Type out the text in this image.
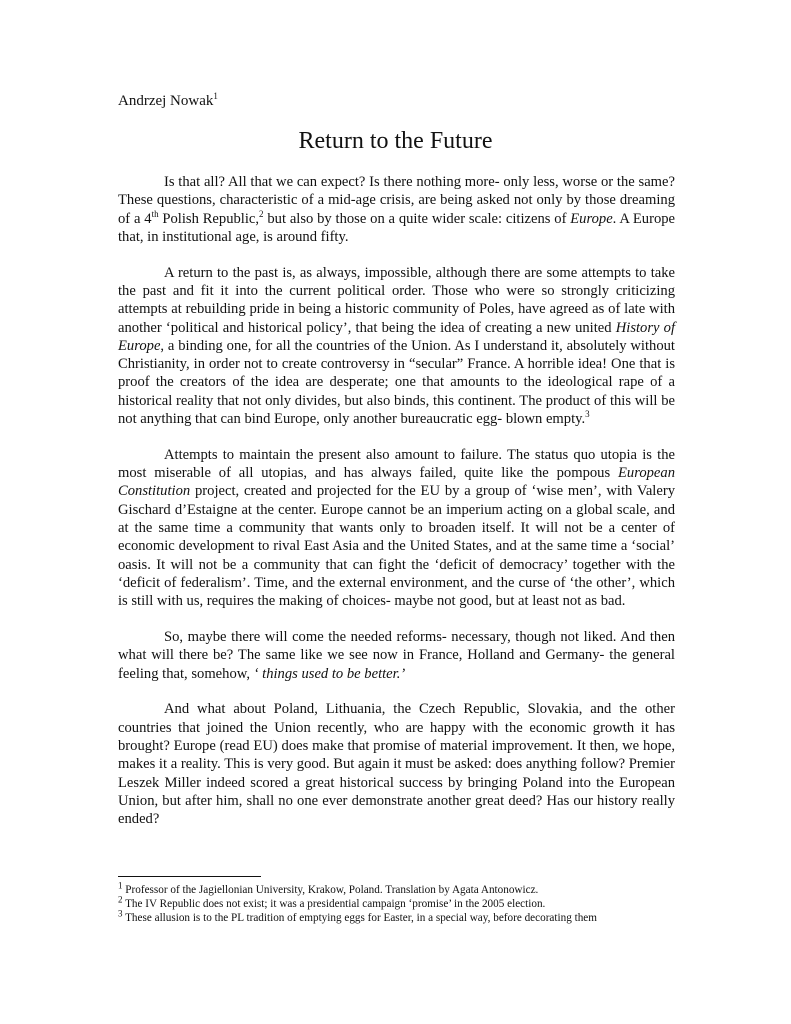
Andrzej Nowak$^1$
Return to the Future

Is that all? All that we can expect? Is there nothing more- only less, worse or the same? These questions, characteristic of a mid-age crisis, are being asked not only by those dreaming of a 4th Polish Republic,$^2$ but also by those on a quite wider scale: citizens of Europe. A Europe that, in institutional age, is around fifty.

A return to the past is, as always, impossible, although there are some attempts to take the past and fit it into the current political order. Those who were so strongly criticizing attempts at rebuilding pride in being a historic community of Poles, have agreed as of late with another ‘political and historical policy’, that being the idea of creating a new united History of Europe, a binding one, for all the countries of the Union. As I understand it, absolutely without Christianity, in order not to create controversy in “secular” France. A horrible idea! One that is proof the creators of the idea are desperate; one that amounts to the ideological rape of a historical reality that not only divides, but also binds, this continent. The product of this will be not anything that can bind Europe, only another bureaucratic egg- blown empty.$^3$

Attempts to maintain the present also amount to failure. The status quo utopia is the most miserable of all utopias, and has always failed, quite like the pompous European Constitution project, created and projected for the EU by a group of ‘wise men’, with Valery Gischard d’Estaigne at the center. Europe cannot be an imperium acting on a global scale, and at the same time a community that wants only to broaden itself. It will not be a center of economic development to rival East Asia and the United States, and at the same time a ‘social’ oasis. It will not be a community that can fight the ‘deficit of democracy’ together with the ‘deficit of federalism’. Time, and the external environment, and the curse of ‘the other’, which is still with us, requires the making of choices- maybe not good, but at least not as bad.

So, maybe there will come the needed reforms- necessary, though not liked. And then what will there be? The same like we see now in France, Holland and Germany- the general feeling that, somehow, ‘ things used to be better.’

And what about Poland, Lithuania, the Czech Republic, Slovakia, and the other countries that joined the Union recently, who are happy with the economic growth it has brought? Europe (read EU) does make that promise of material improvement. It then, we hope, makes it a reality. This is very good. But again it must be asked: does anything follow? Premier Leszek Miller indeed scored a great historical success by bringing Poland into the European Union, but after him, shall no one ever demonstrate another great deed? Has our history really ended?

$^1$ Professor of the Jagiellonian University, Krakow, Poland. Translation by Agata Antonowicz.

$^2$ The IV Republic does not exist; it was a presidential campaign ‘promise’ in the 2005 election.

$^3$ These allusion is to the PL tradition of emptying eggs for Easter, in a special way, before decorating them
